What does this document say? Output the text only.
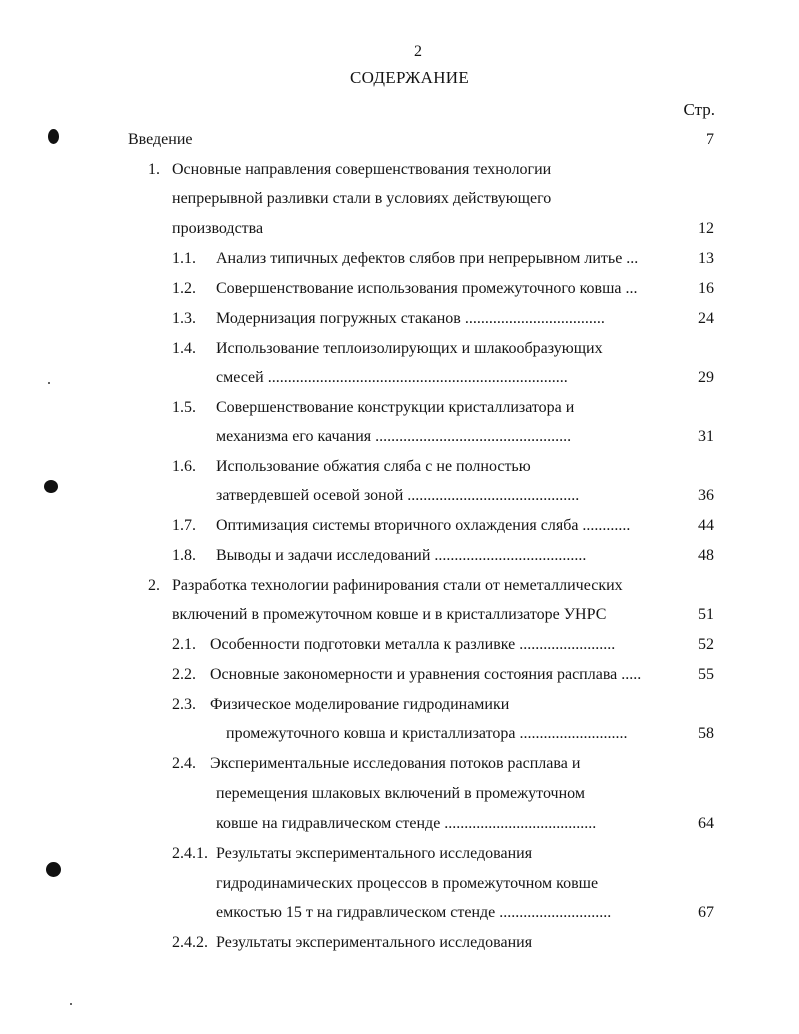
2
СОДЕРЖАНИЕ
Стр.
Введение	7
1. Основные направления совершенствования технологии
непрерывной разливки стали в условиях действующего
производства	12
1.1. Анализ типичных дефектов слябов при непрерывном литье ...	13
1.2. Совершенствование использования промежуточного ковша ...	16
1.3. Модернизация погружных стаканов ...................................	24
1.4. Использование теплоизолирующих и шлакообразующих
смесей ...........................................................................	29
1.5. Совершенствование конструкции кристаллизатора и
механизма его качания .................................................	31
1.6. Использование обжатия сляба с не полностью
затвердевшей осевой зоной ...........................................	36
1.7. Оптимизация системы вторичного охлаждения сляба ............	44
1.8. Выводы и задачи исследований ......................................	48
2. Разработка технологии рафинирования стали от неметаллических
включений в промежуточном ковше и в кристаллизаторе УНРС	51
2.1. Особенности подготовки металла к разливке ........................	52
2.2. Основные закономерности и уравнения состояния расплава .....	55
2.3. Физическое моделирование гидродинамики
промежуточного ковша и кристаллизатора ...........................	58
2.4. Экспериментальные исследования потоков расплава и
перемещения шлаковых включений в промежуточном
ковше на гидравлическом стенде ......................................	64
2.4.1. Результаты экспериментального исследования
гидродинамических процессов в промежуточном ковше
емкостью 15 т на гидравлическом стенде ............................	67
2.4.2. Результаты экспериментального исследования
